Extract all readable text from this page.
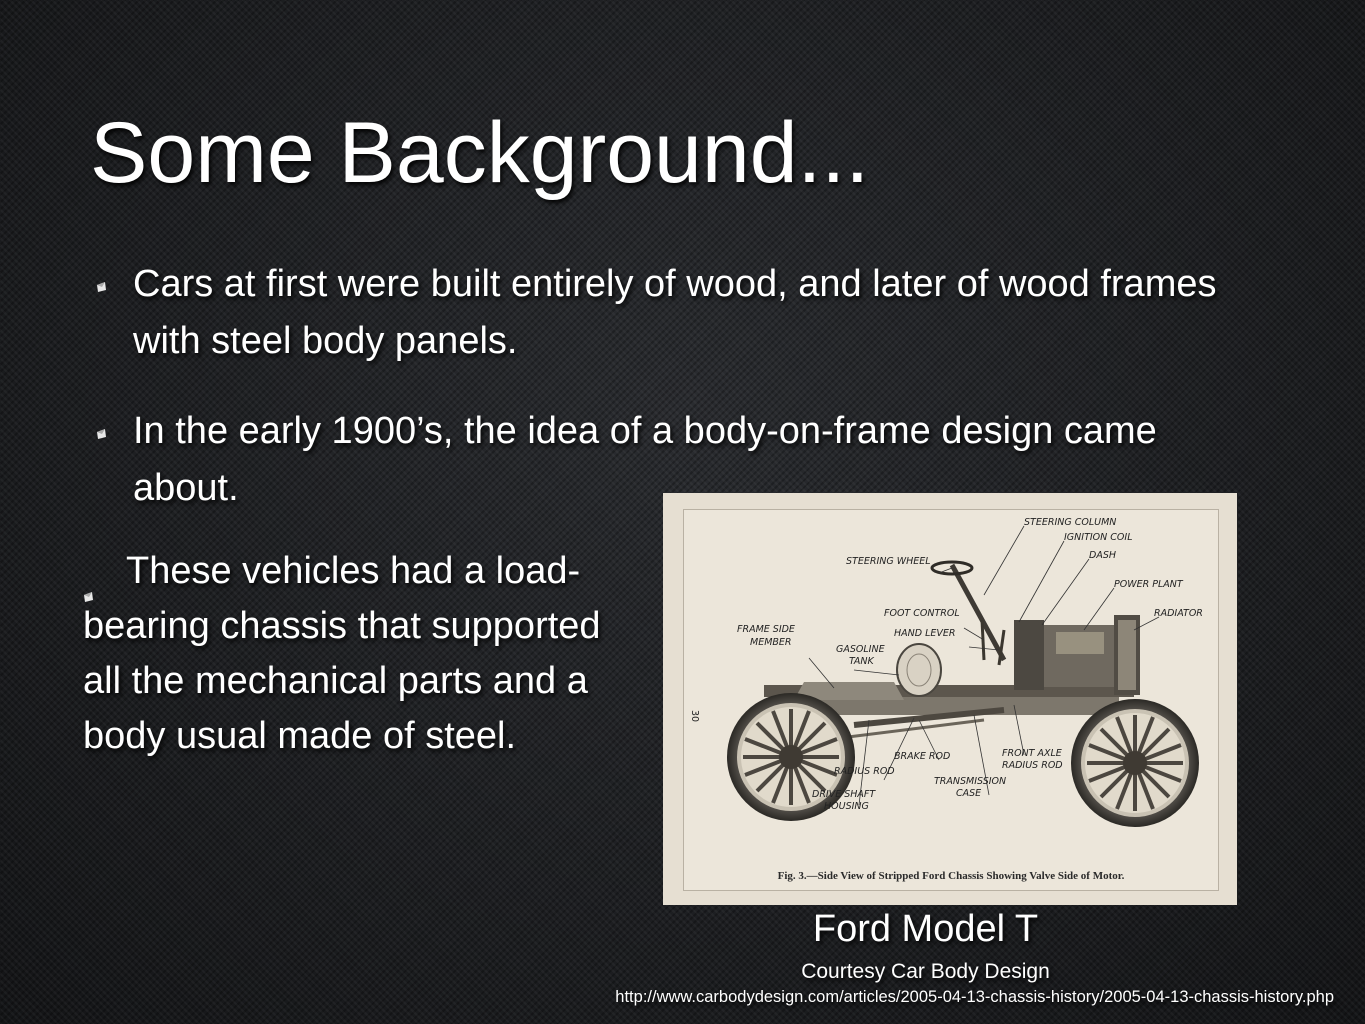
Some Background...
Cars at first were built entirely of wood, and later of wood frames with steel body panels.
In the early 1900’s, the idea of a body-on-frame design came about.
These vehicles had a load-bearing chassis that supported all the mechanical parts and a body usual made of steel.	30
STEERING COLUMN
IGNITION COIL
DASH
STEERING WHEEL
POWER PLANT
RADIATOR
FOOT CONTROL
HAND LEVER
FRAME SIDE
MEMBER
GASOLINE
TANK
BRAKE ROD	FRONT AXLE
RADIUS ROD
RADIUS ROD
TRANSMISSION
CASE
DRIVE SHAFT
HOUSING
Fig. 3.—Side View of Stripped Ford Chassis Showing Valve Side of Motor.
Ford Model T
Courtesy Car Body Design
http://www.carbodydesign.com/articles/2005-04-13-chassis-history/2005-04-13-chassis-history.php
